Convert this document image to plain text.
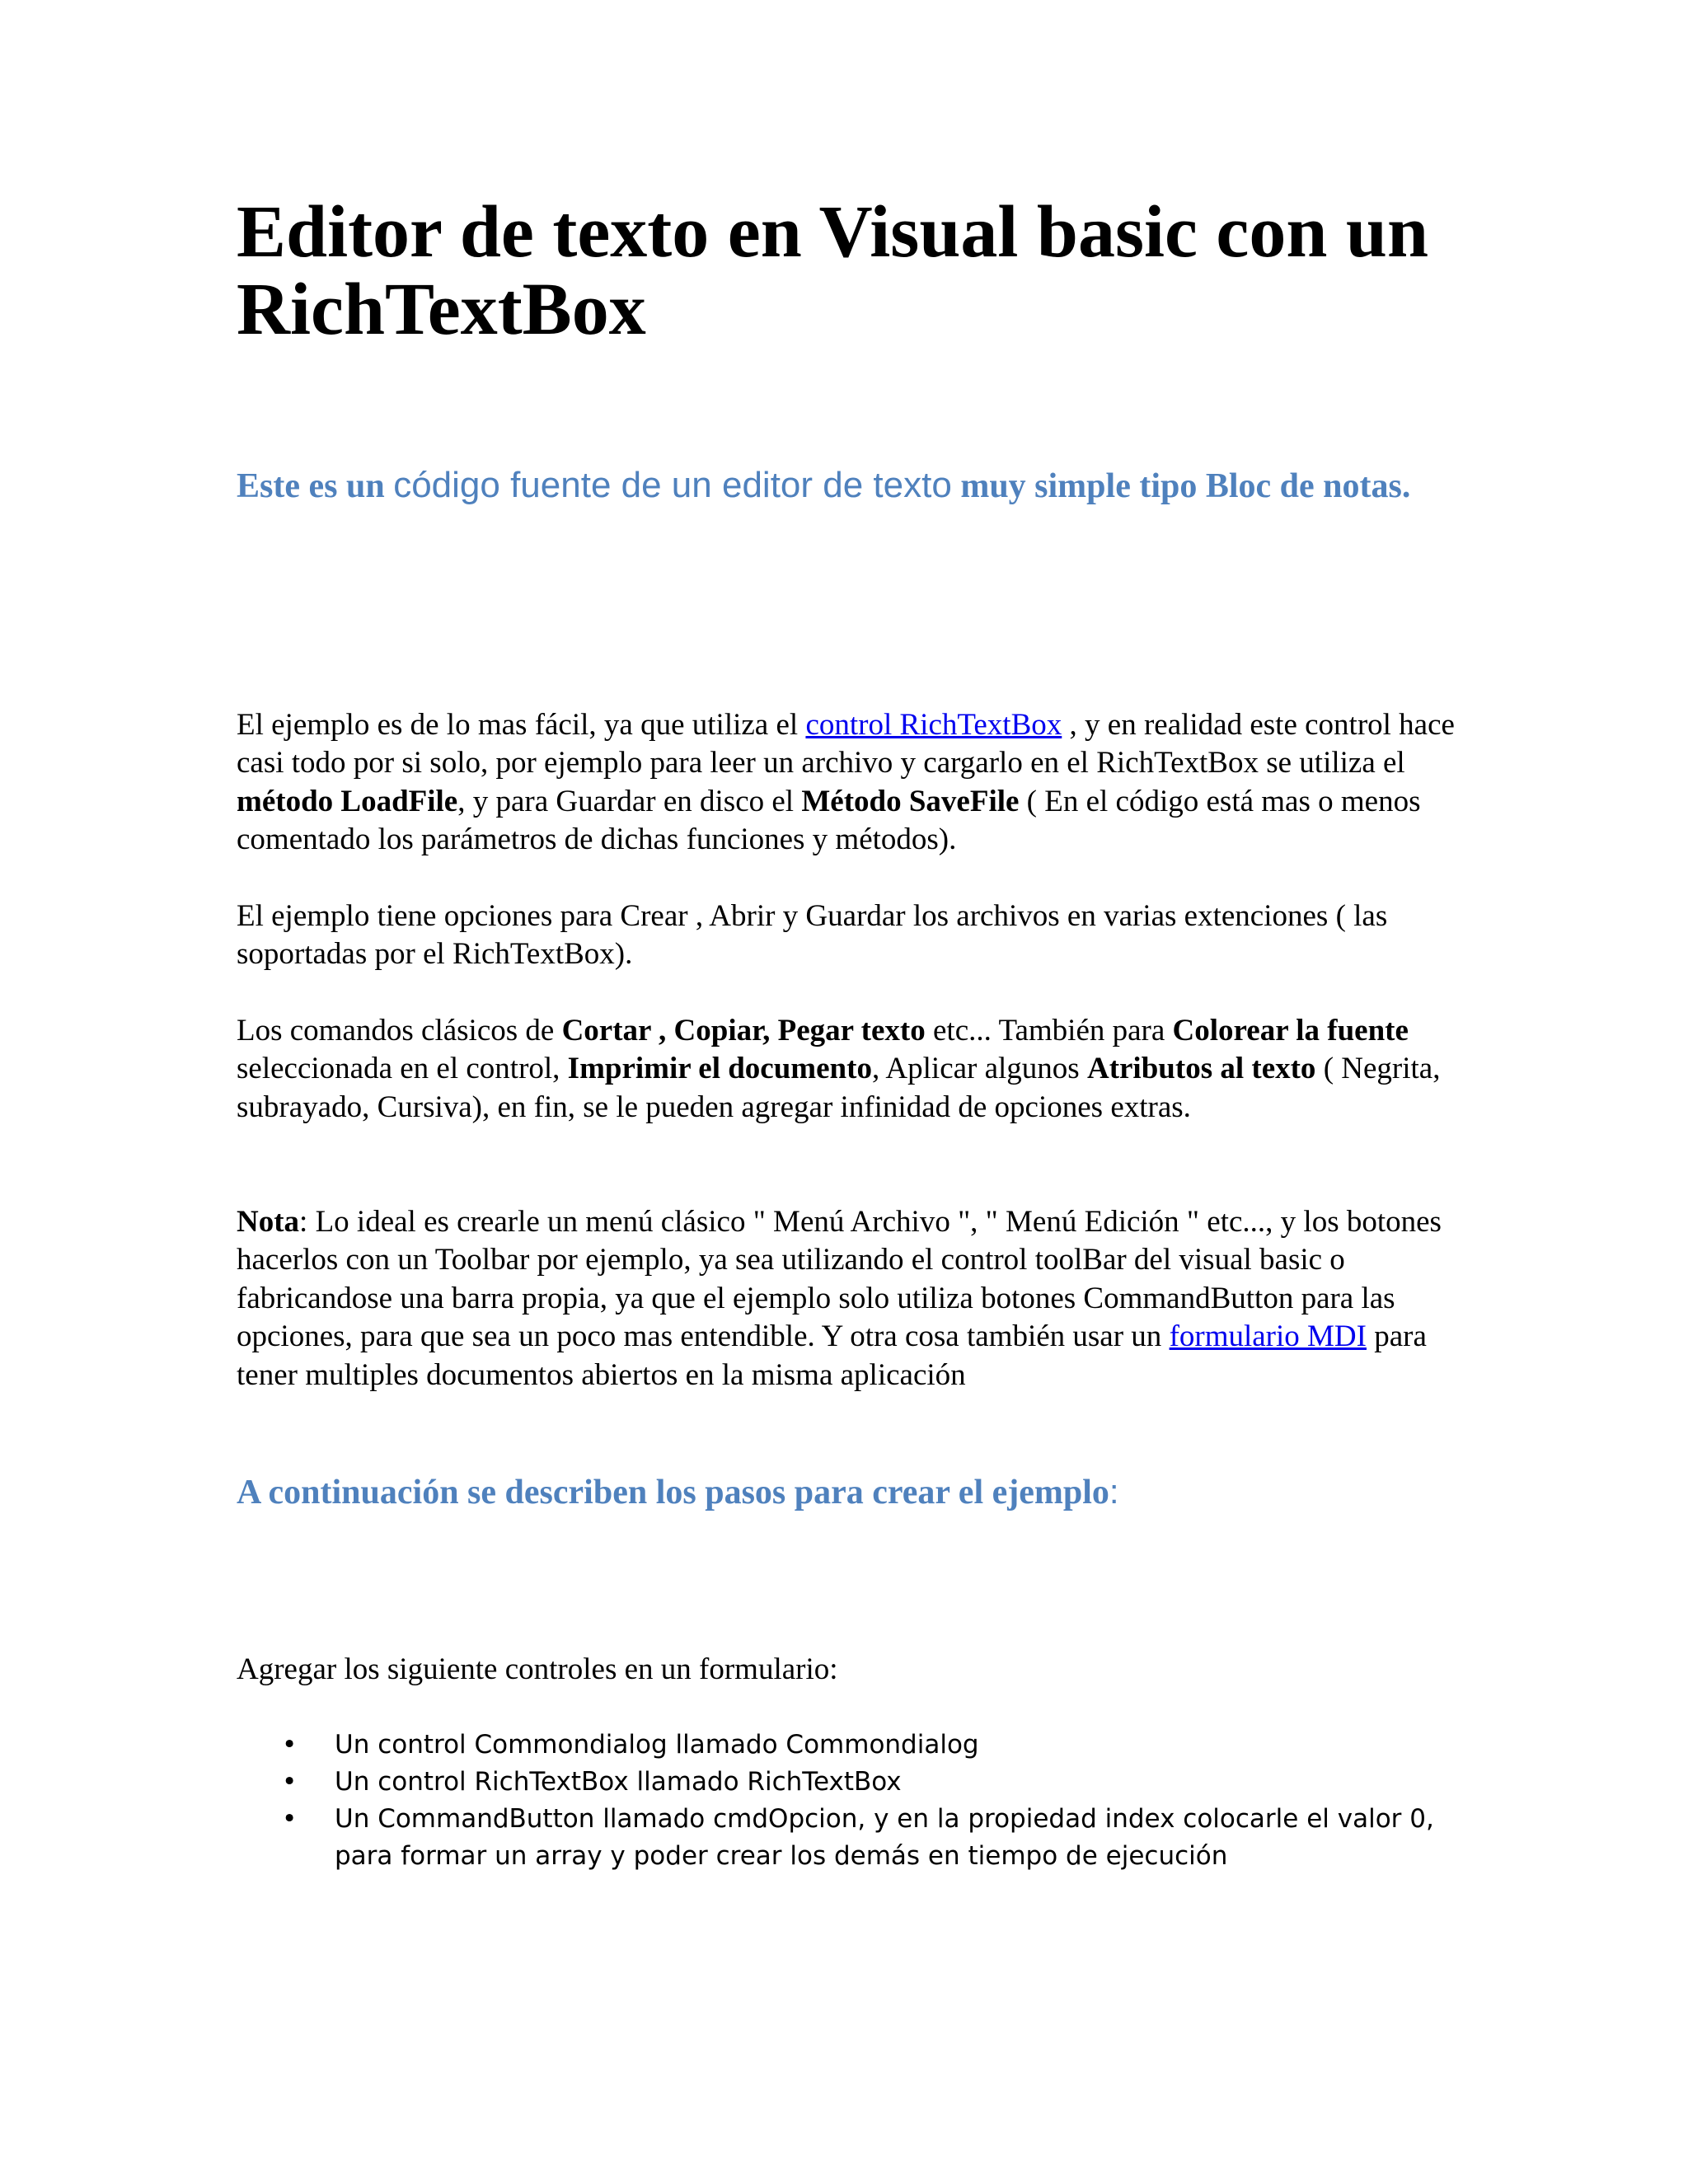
Editor de texto en Visual basic con un RichTextBox

Este es un código fuente de un editor de texto muy simple tipo Bloc de notas.

El ejemplo es de lo mas fácil, ya que utiliza el control RichTextBox , y en realidad este control hace casi todo por si solo, por ejemplo para leer un archivo y cargarlo en el RichTextBox se utiliza el método LoadFile, y para Guardar en disco el Método SaveFile ( En el código está mas o menos comentado los parámetros de dichas funciones y métodos).

El ejemplo tiene opciones para Crear , Abrir y Guardar los archivos en varias extenciones ( las soportadas por el RichTextBox).

Los comandos clásicos de Cortar , Copiar, Pegar texto etc... También para Colorear la fuente seleccionada en el control, Imprimir el documento, Aplicar algunos Atributos al texto ( Negrita, subrayado, Cursiva), en fin, se le pueden agregar infinidad de opciones extras.

Nota: Lo ideal es crearle un menú clásico " Menú Archivo ", " Menú Edición " etc..., y los botones hacerlos con un Toolbar por ejemplo, ya sea utilizando el control toolBar del visual basic o fabricandose una barra propia, ya que el ejemplo solo utiliza botones CommandButton para las opciones, para que sea un poco mas entendible. Y otra cosa también usar un formulario MDI para tener multiples documentos abiertos en la misma aplicación

A continuación se describen los pasos para crear el ejemplo:

Agregar los siguiente controles en un formulario:

• Un control Commondialog llamado Commondialog
• Un control RichTextBox llamado RichTextBox
• Un CommandButton llamado cmdOpcion, y en la propiedad index colocarle el valor 0, para formar un array y poder crear los demás en tiempo de ejecución
